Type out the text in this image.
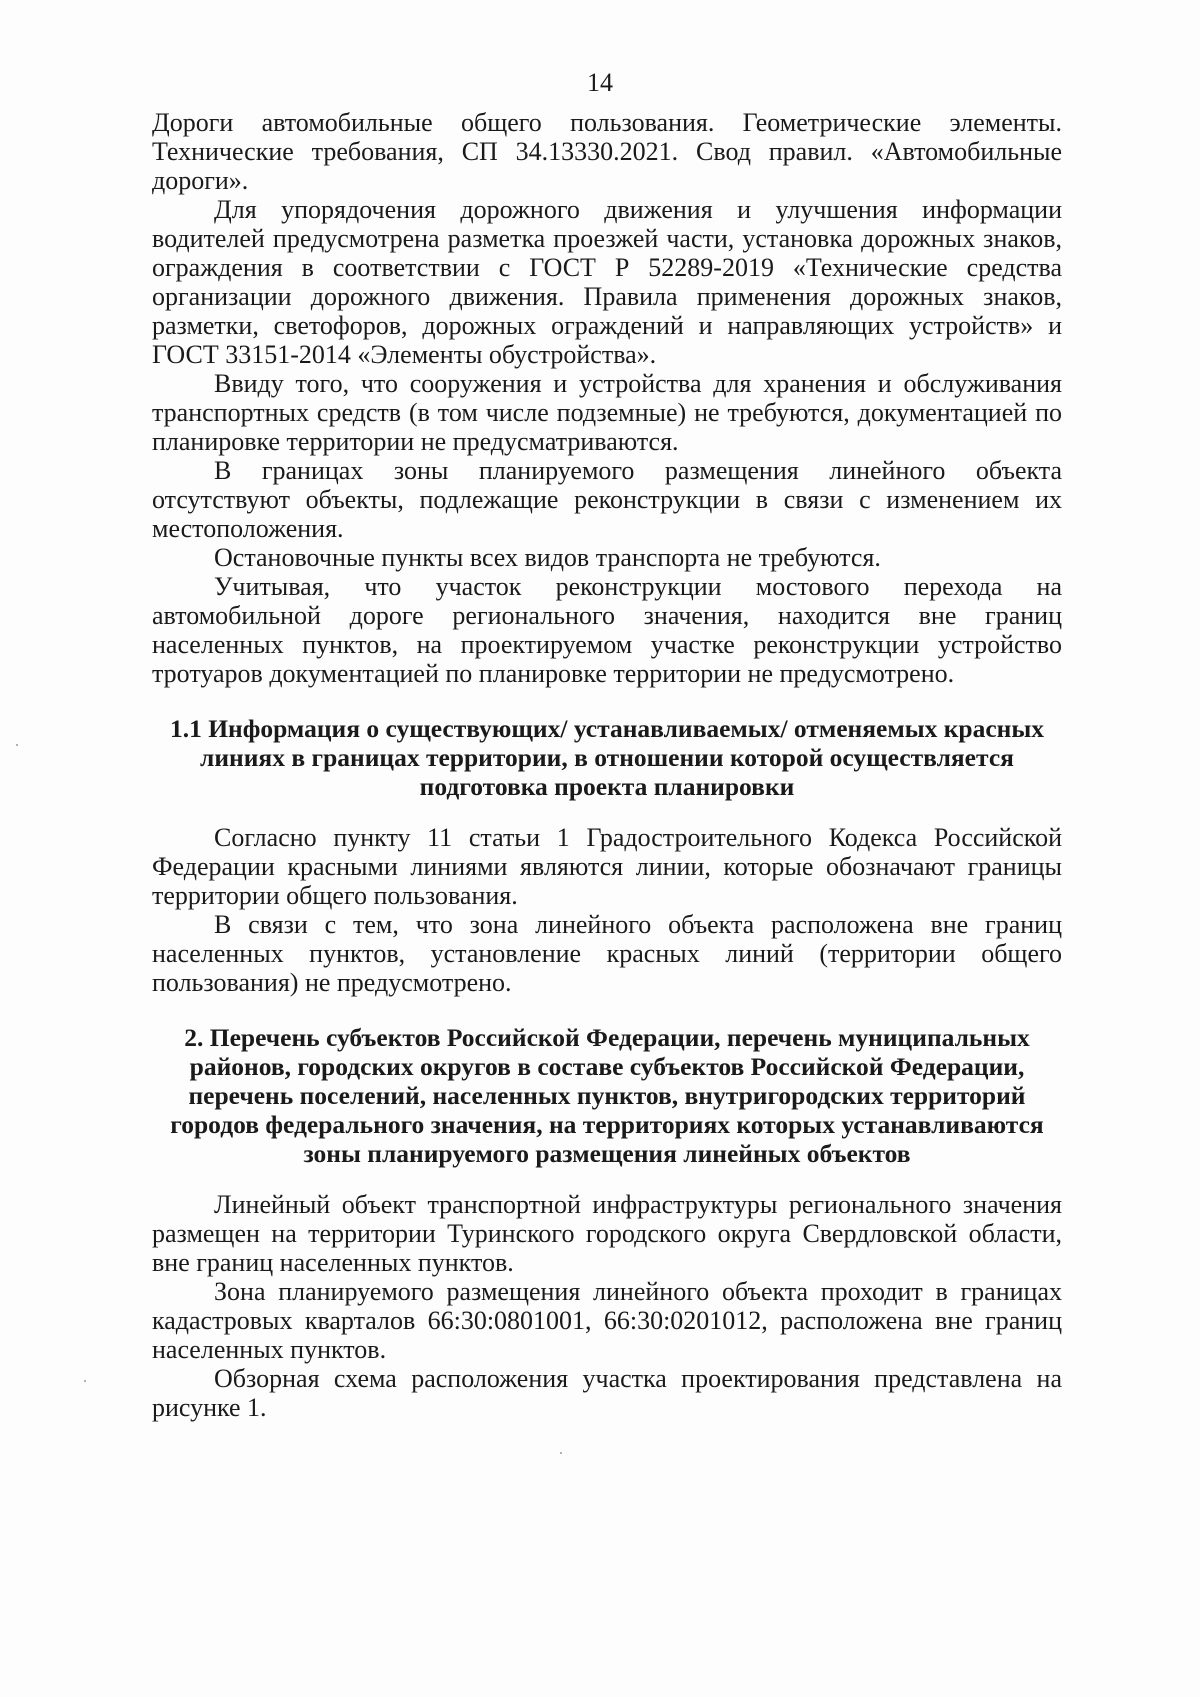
14

Дороги автомобильные общего пользования. Геометрические элементы. Технические требования, СП 34.13330.2021. Свод правил. «Автомобильные дороги».

Для упорядочения дорожного движения и улучшения информации водителей предусмотрена разметка проезжей части, установка дорожных знаков, ограждения в соответствии с ГОСТ Р 52289-2019 «Технические средства организации дорожного движения. Правила применения дорожных знаков, разметки, светофоров, дорожных ограждений и направляющих устройств» и ГОСТ 33151-2014 «Элементы обустройства».

Ввиду того, что сооружения и устройства для хранения и обслуживания транспортных средств (в том числе подземные) не требуются, документацией по планировке территории не предусматриваются.

В границах зоны планируемого размещения линейного объекта отсутствуют объекты, подлежащие реконструкции в связи с изменением их местоположения.

Остановочные пункты всех видов транспорта не требуются.

Учитывая, что участок реконструкции мостового перехода на автомобильной дороге регионального значения, находится вне границ населенных пунктов, на проектируемом участке реконструкции устройство тротуаров документацией по планировке территории не предусмотрено.

1.1 Информация о существующих/ устанавливаемых/ отменяемых красных линиях в границах территории, в отношении которой осуществляется подготовка проекта планировки

Согласно пункту 11 статьи 1 Градостроительного Кодекса Российской Федерации красными линиями являются линии, которые обозначают границы территории общего пользования.

В связи с тем, что зона линейного объекта расположена вне границ населенных пунктов, установление красных линий (территории общего пользования) не предусмотрено.

2. Перечень субъектов Российской Федерации, перечень муниципальных районов, городских округов в составе субъектов Российской Федерации, перечень поселений, населенных пунктов, внутригородских территорий городов федерального значения, на территориях которых устанавливаются зоны планируемого размещения линейных объектов

Линейный объект транспортной инфраструктуры регионального значения размещен на территории Туринского городского округа Свердловской области, вне границ населенных пунктов.

Зона планируемого размещения линейного объекта проходит в границах кадастровых кварталов 66:30:0801001, 66:30:0201012, расположена вне границ населенных пунктов.

Обзорная схема расположения участка проектирования представлена на рисунке 1.
